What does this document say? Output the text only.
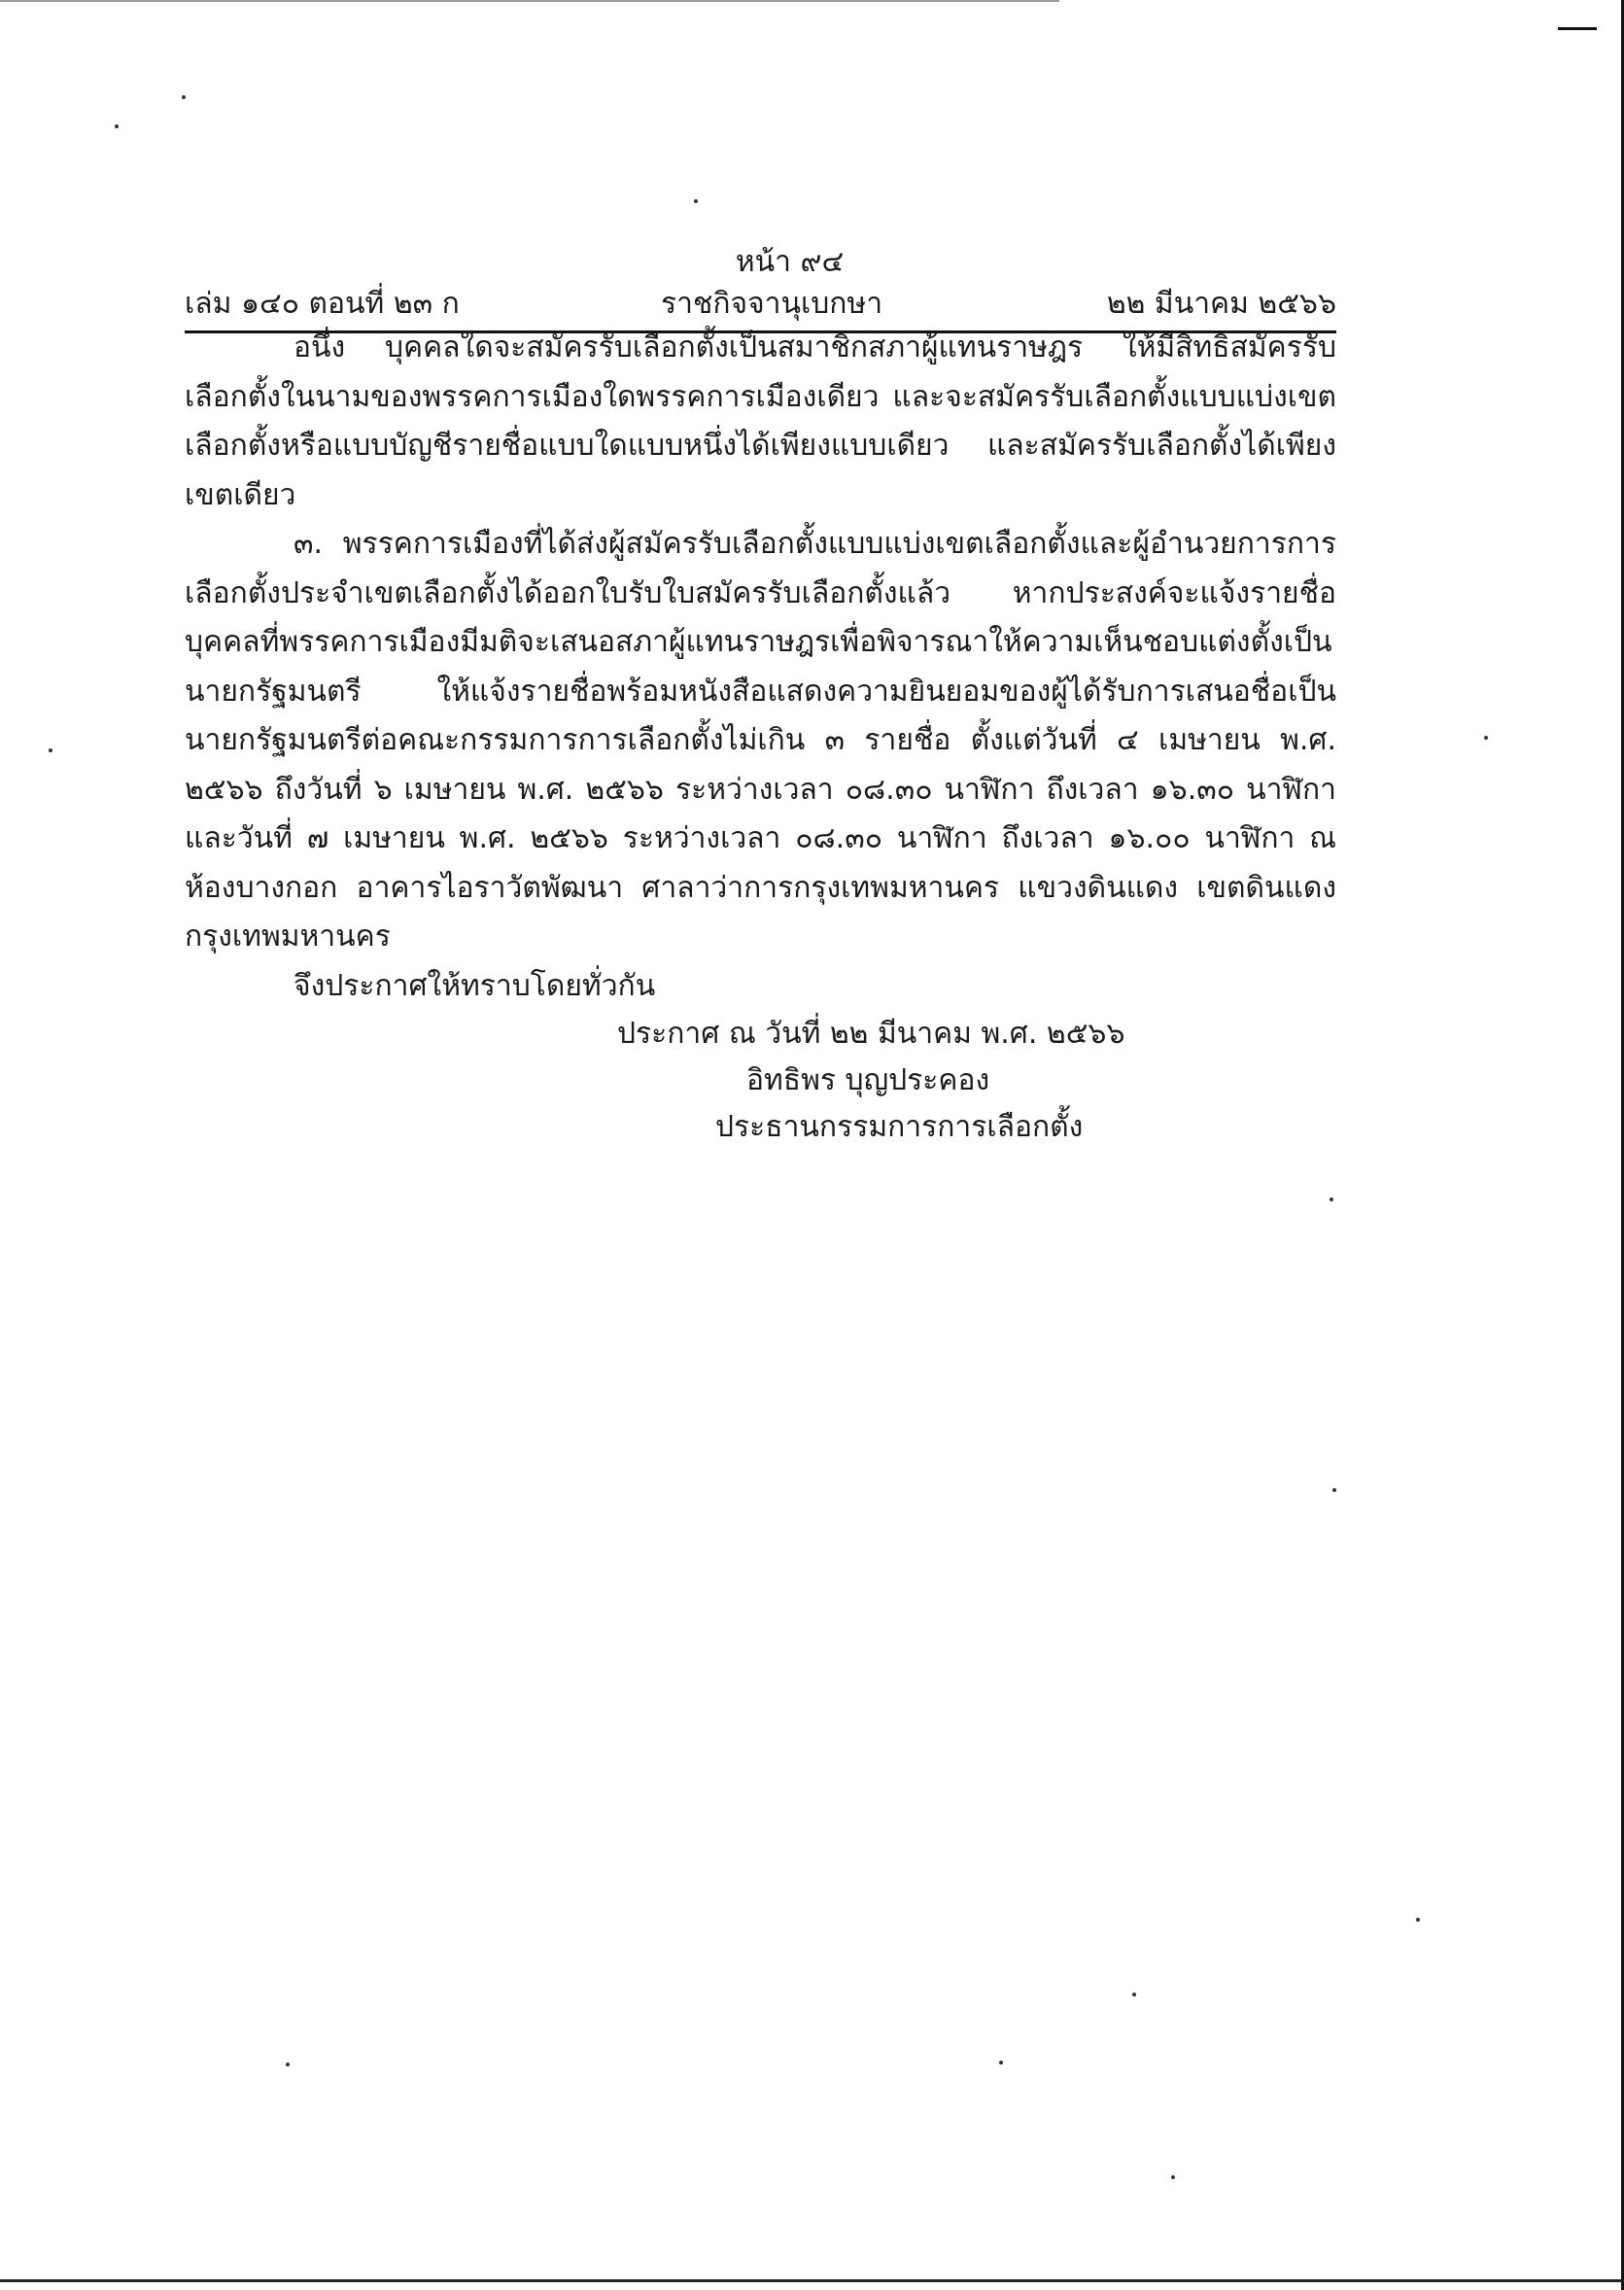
หน้า ๙๔
เล่ม ๑๔๐ ตอนที่ ๒๓ ก	ราชกิจจานุเบกษา	๒๒ มีนาคม ๒๕๖๖

อนึ่ง บุคคลใดจะสมัครรับเลือกตั้งเป็นสมาชิกสภาผู้แทนราษฎร ให้มีสิทธิสมัครรับเลือกตั้งในนามของพรรคการเมืองใดพรรคการเมืองเดียว และจะสมัครรับเลือกตั้งแบบแบ่งเขตเลือกตั้งหรือแบบบัญชีรายชื่อแบบใดแบบหนึ่งได้เพียงแบบเดียว และสมัครรับเลือกตั้งได้เพียงเขตเดียว

๓. พรรคการเมืองที่ได้ส่งผู้สมัครรับเลือกตั้งแบบแบ่งเขตเลือกตั้งและผู้อำนวยการการเลือกตั้งประจำเขตเลือกตั้งได้ออกใบรับใบสมัครรับเลือกตั้งแล้ว หากประสงค์จะแจ้งรายชื่อบุคคลที่พรรคการเมืองมีมติจะเสนอสภาผู้แทนราษฎรเพื่อพิจารณาให้ความเห็นชอบแต่งตั้งเป็นนายกรัฐมนตรี ให้แจ้งรายชื่อพร้อมหนังสือแสดงความยินยอมของผู้ได้รับการเสนอชื่อเป็นนายกรัฐมนตรีต่อคณะกรรมการการเลือกตั้งไม่เกิน ๓ รายชื่อ ตั้งแต่วันที่ ๔ เมษายน พ.ศ. ๒๕๖๖ ถึงวันที่ ๖ เมษายน พ.ศ. ๒๕๖๖ ระหว่างเวลา ๐๘.๓๐ นาฬิกา ถึงเวลา ๑๖.๓๐ นาฬิกา และวันที่ ๗ เมษายน พ.ศ. ๒๕๖๖ ระหว่างเวลา ๐๘.๓๐ นาฬิกา ถึงเวลา ๑๖.๐๐ นาฬิกา ณ ห้องบางกอก อาคารไอราวัตพัฒนา ศาลาว่าการกรุงเทพมหานคร แขวงดินแดง เขตดินแดง กรุงเทพมหานคร

จึงประกาศให้ทราบโดยทั่วกัน

ประกาศ ณ วันที่ ๒๒ มีนาคม พ.ศ. ๒๕๖๖
อิทธิพร บุญประคอง
ประธานกรรมการการเลือกตั้ง
